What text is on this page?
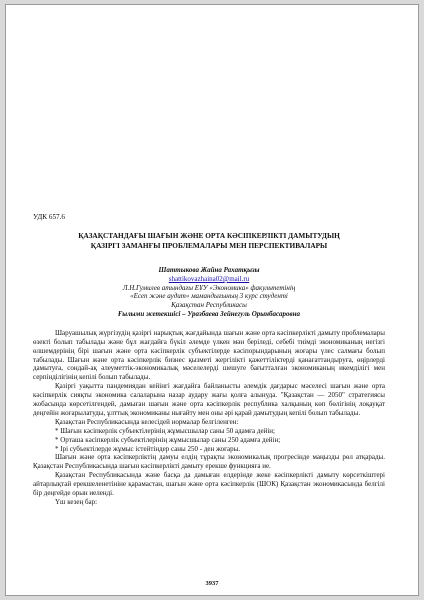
УДК 657.6
ҚАЗАҚСТАНДАҒЫ ШАҒЫН ЖӘНЕ ОРТА КӘСІПКЕРЛІКТІ ДАМЫТУДЫҢ
ҚАЗІРГІ ЗАМАНҒЫ ПРОБЛЕМАЛАРЫ МЕН ПЕРСПЕКТИВАЛАРЫ
Шаттыкова Жайна Рахатқызы
shattikovazhaina02@mail.ru
Л.Н.Гумилев атындағы ЕҰУ «Экономика» факультетінің
«Есеп және аудит» мамандығының 3 курс студенті
Қазақстан Республикасы
Ғылыми жетекшісі – Уразбаева Зейнегуль Орынбасаровна

Шаруашылық жүргізудің қазіргі нарықтық жағдайында шағын және орта кәсіпкерлікті дамыту проблемалары өзекті болып табылады және бұл жағдайға бүкіл әлемде үлкен мән беріледі, себебі тиімді экономиканың негізгі өлшемдерінің бірі шағын және орта кәсіпкерлік субъектілерде кәсіпорындарының жоғары үлес салмағы болып табылады. Шағын және орта кәсіпкерлік бизнес қызметі жергілікті қажеттіліктерді қанағаттандыруға, өңірлерді дамытуға, сондай-ақ әлеуметтік-экономикалық мәселелерді шешуге бағытталған экономиканың икемділігі мен серпінділігінің кепілі болып табылады.

Қазіргі уақытта пандемиядан кейінгі жағдайға байланысты әлемдік дағдарыс мәселесі шағын және орта кәсіпкерлік сияқты экономика салаларына назар аудару жағы қолға алынуда. "Қазақстан — 2050" стратегиясы жобасында көрсетілгендей, дамыған шағын және орта кәсіпкерлік республика халқының көп бөлігінің лоқауқат деңгейін жоғарылатуды, ұлттық экономиканы нығайту мен оны әрі қарай дамытудың кепілі болып табылады.

Қазақстан Республикасында келесідей нормалар белгіленген:

* Шағын кәсіпкерлік субъектілерінің жұмысшылар саны 50 адамға дейін;
* Орташа кәсіпкерлік субъектілерінің жұмысшылар саны 250 адамға дейін;
* Ірі субъектілерде жұмыс істейтіндер саны 250 - ден жоғары.

Шағын және орта кәсіпкерліктің дамуы елдің тұрақты экономикалық прогресінде маңызды рөл атқарады. Қазақстан Республикасында шағын кәсіпкерлікті дамыту ерекше функцияға ие.

Қазақстан Республикасында және басқа да дамыған елдерінде жеке кәсіпкерлікті дамыту көрсеткіштері айтарлықтай ерекшеленетініне қарамастан, шағын және орта кәсіпкерлік (ШОК) Қазақстан экономикасында белгілі бір деңгейде орын иеленді.

Үш кезең бар:

3937
